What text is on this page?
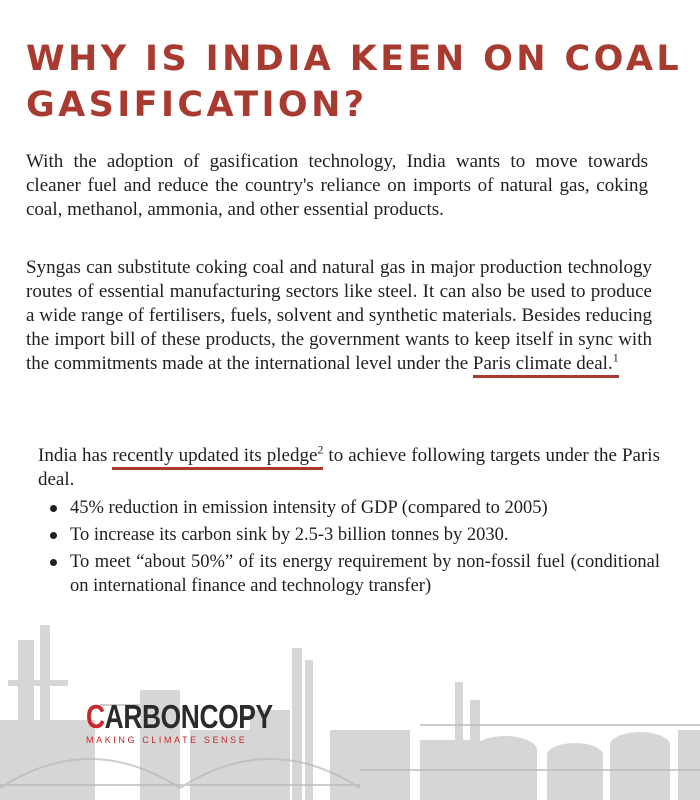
WHY IS INDIA KEEN ON COAL GASIFICATION?

With the adoption of gasification technology, India wants to move towards cleaner fuel and reduce the country's reliance on imports of natural gas, coking coal, methanol, ammonia, and other essential products.

Syngas can substitute coking coal and natural gas in major production technology routes of essential manufacturing sectors like steel. It can also be used to produce a wide range of fertilisers, fuels, solvent and synthetic materials. Besides reducing the import bill of these products, the government wants to keep itself in sync with the commitments made at the international level under the Paris climate deal.$^1$

India has recently updated its pledge$^2$ to achieve following targets under the Paris deal.

45% reduction in emission intensity of GDP (compared to 2005)
To increase its carbon sink by 2.5-3 billion tonnes by 2030.
To meet “about 50%” of its energy requirement by non-fossil fuel (conditional on international finance and technology transfer)
CARBONCOPY
MAKING CLIMATE SENSE
